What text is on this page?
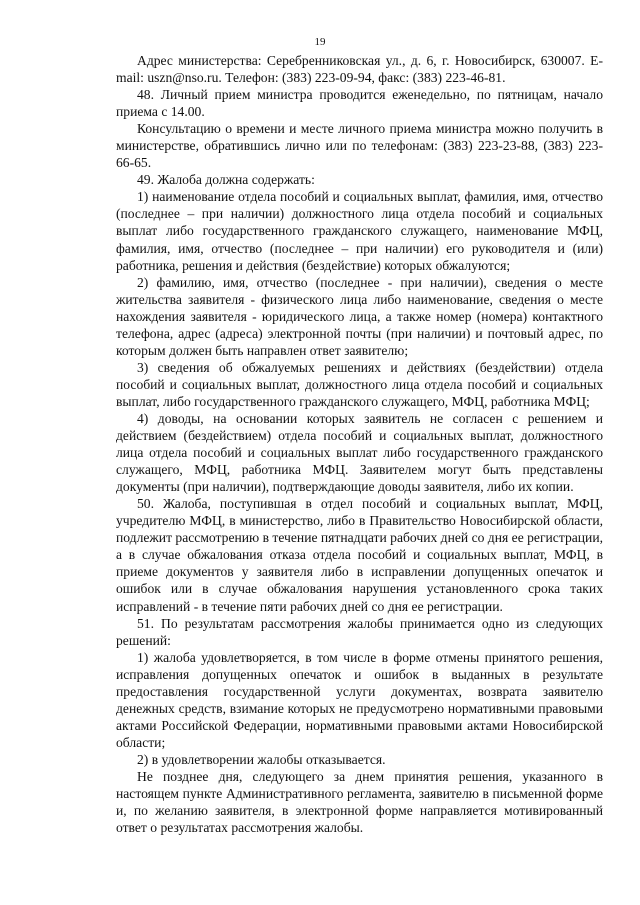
19

Адрес министерства: Серебренниковская ул., д. 6, г. Новосибирск, 630007. E-mail: uszn@nso.ru. Телефон: (383) 223-09-94, факс: (383) 223-46-81.

48. Личный прием министра проводится еженедельно, по пятницам, начало приема с 14.00.

Консультацию о времени и месте личного приема министра можно получить в министерстве, обратившись лично или по телефонам: (383) 223-23-88, (383) 223-66-65.

49. Жалоба должна содержать:

1) наименование отдела пособий и социальных выплат, фамилия, имя, отчество (последнее – при наличии) должностного лица отдела пособий и социальных выплат либо государственного гражданского служащего, наименование МФЦ, фамилия, имя, отчество (последнее – при наличии) его руководителя и (или) работника, решения и действия (бездействие) которых обжалуются;

2) фамилию, имя, отчество (последнее - при наличии), сведения о месте жительства заявителя - физического лица либо наименование, сведения о месте нахождения заявителя - юридического лица, а также номер (номера) контактного телефона, адрес (адреса) электронной почты (при наличии) и почтовый адрес, по которым должен быть направлен ответ заявителю;

3) сведения об обжалуемых решениях и действиях (бездействии) отдела пособий и социальных выплат, должностного лица отдела пособий и социальных выплат, либо государственного гражданского служащего, МФЦ, работника МФЦ;

4) доводы, на основании которых заявитель не согласен с решением и действием (бездействием) отдела пособий и социальных выплат, должностного лица отдела пособий и социальных выплат либо государственного гражданского служащего, МФЦ, работника МФЦ. Заявителем могут быть представлены документы (при наличии), подтверждающие доводы заявителя, либо их копии.

50. Жалоба, поступившая в отдел пособий и социальных выплат, МФЦ, учредителю МФЦ, в министерство, либо в Правительство Новосибирской области, подлежит рассмотрению в течение пятнадцати рабочих дней со дня ее регистрации, а в случае обжалования отказа отдела пособий и социальных выплат, МФЦ, в приеме документов у заявителя либо в исправлении допущенных опечаток и ошибок или в случае обжалования нарушения установленного срока таких исправлений - в течение пяти рабочих дней со дня ее регистрации.

51. По результатам рассмотрения жалобы принимается одно из следующих решений:

1) жалоба удовлетворяется, в том числе в форме отмены принятого решения, исправления допущенных опечаток и ошибок в выданных в результате предоставления государственной услуги документах, возврата заявителю денежных средств, взимание которых не предусмотрено нормативными правовыми актами Российской Федерации, нормативными правовыми актами Новосибирской области;

2) в удовлетворении жалобы отказывается.

Не позднее дня, следующего за днем принятия решения, указанного в настоящем пункте Административного регламента, заявителю в письменной форме и, по желанию заявителя, в электронной форме направляется мотивированный ответ о результатах рассмотрения жалобы.
